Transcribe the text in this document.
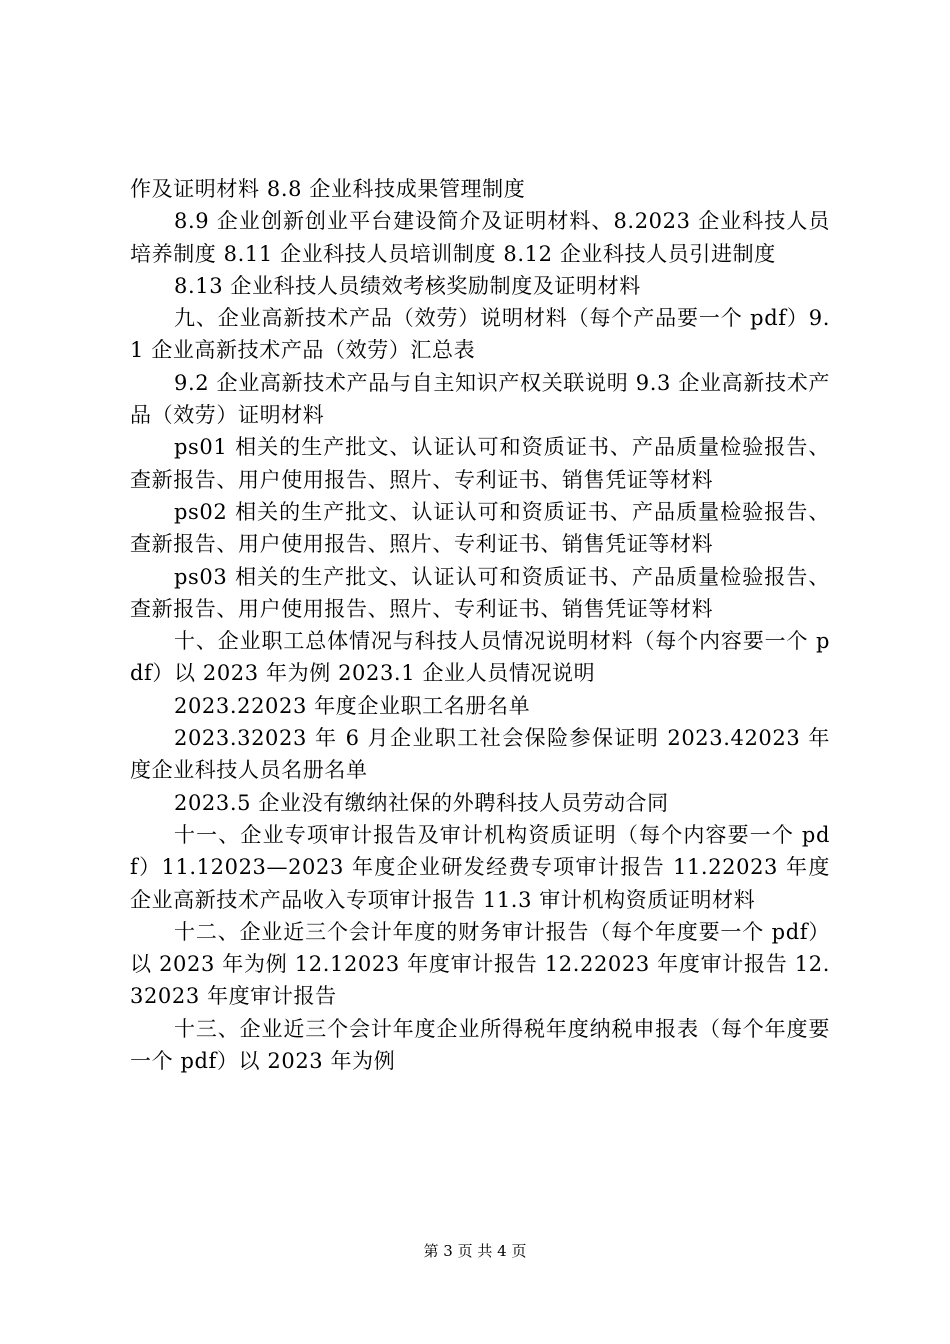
作及证明材料 8.8 企业科技成果管理制度

8.9 企业创新创业平台建设简介及证明材料、8.2023 企业科技人员培养制度 8.11 企业科技人员培训制度 8.12 企业科技人员引进制度

8.13 企业科技人员绩效考核奖励制度及证明材料

九、企业高新技术产品（效劳）说明材料（每个产品要一个 pdf）9.1 企业高新技术产品（效劳）汇总表

9.2 企业高新技术产品与自主知识产权关联说明 9.3 企业高新技术产品（效劳）证明材料

ps01 相关的生产批文、认证认可和资质证书、产品质量检验报告、查新报告、用户使用报告、照片、专利证书、销售凭证等材料

ps02 相关的生产批文、认证认可和资质证书、产品质量检验报告、查新报告、用户使用报告、照片、专利证书、销售凭证等材料

ps03 相关的生产批文、认证认可和资质证书、产品质量检验报告、查新报告、用户使用报告、照片、专利证书、销售凭证等材料

十、企业职工总体情况与科技人员情况说明材料（每个内容要一个 pdf）以 2023 年为例 2023.1 企业人员情况说明

2023.22023 年度企业职工名册名单

2023.32023 年 6 月企业职工社会保险参保证明 2023.42023 年度企业科技人员名册名单

2023.5 企业没有缴纳社保的外聘科技人员劳动合同

十一、企业专项审计报告及审计机构资质证明（每个内容要一个 pdf）11.12023—2023 年度企业研发经费专项审计报告 11.22023 年度企业高新技术产品收入专项审计报告 11.3 审计机构资质证明材料

十二、企业近三个会计年度的财务审计报告（每个年度要一个 pdf）以 2023 年为例 12.12023 年度审计报告 12.22023 年度审计报告 12.32023 年度审计报告

十三、企业近三个会计年度企业所得税年度纳税申报表（每个年度要一个 pdf）以 2023 年为例

第 3 页 共 4 页
